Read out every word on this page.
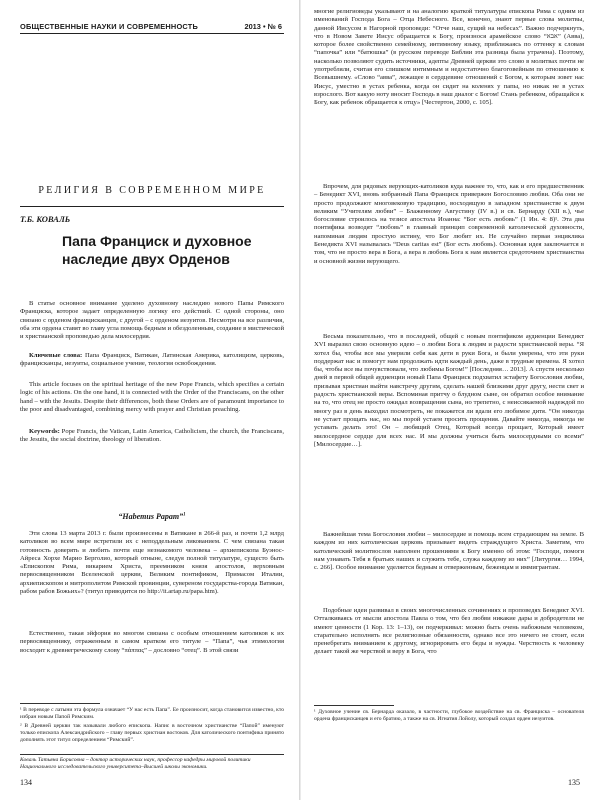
ОБЩЕСТВЕННЫЕ НАУКИ И СОВРЕМЕННОСТЬ	2013 • № 6
РЕЛИГИЯ В СОВРЕМЕННОМ МИРЕ
Т.Б. КОВАЛЬ
Папа Франциск и духовное наследие двух Орденов
В статье основное внимание уделено духовному наследию нового Папы Римского Франциска, которое задает определенную логику его действий. С одной стороны, оно связано с орденом францисканцев, с другой – с орденом иезуитов. Несмотря на все различия, оба эти ордена ставят во главу угла помощь бедным и обездоленным, создание в мистической и христианской проповедью дела милосердия.
Ключевые слова: Папа Франциск, Ватикан, Латинская Америка, католицизм, церковь, францисканцы, иезуиты, социальное учение, теология освобождения.
This article focuses on the spiritual heritage of the new Pope Francis, which specifies a certain logic of his actions. On the one hand, it is connected with the Order of the Franciscans, on the other hand – with the Jesuits. Despite their differences, both these Orders are of paramount importance to the poor and disadvantaged, combining mercy with prayer and Christian preaching.
Keywords: Pope Francis, the Vatican, Latin America, Catholicism, the church, the Franciscans, the Jesuits, the social doctrine, theology of liberation.
“Habemus Papam”$^1$
Эти слова 13 марта 2013 г. были произнесены в Ватикане в 266-й раз, и почти 1,2 млрд католиков во всем мире встретили их с неподдельным ликованием. С чем связана такая готовность доверять и любить почти еще незнакомого человека – архиепископа Буэнос-Айреса Хорхе Марио Берголио, который отныне, следуя полной титулатуре, сущесто быть «Епископом Рима, викарием Христа, преемником князя апостолов, верховным первосвященником Вселенской церкви, Великим понтификом, Примасом Италии, архиепископом и митрополитом Римской провинции, сувереном государства-города Ватикан, рабом рабов Божьих»? (титул приводится по http://it.artap.ru/papa.htm).
Естественно, такая эйфория во многом связана с особым отношением католиков к их первосвященнику, отраженным в самом кратком его титуле – “Папа”, чья этимология восходит к древнегреческому слову “πάππας” – дословно “отец”. В этой связи
¹ В переводе с латыни эта формула означает “У нас есть Папа”. Ее произносит, когда становится известно, кто избран новым Папой Римским.
² В Древней церкви так называли любого епископа. Напис в восточном христианстве “Папой” именуют только епископа Александрийского – главу первых христиан востоков. Для католического понтифика принято дополнять этот титул определением “Римский”.
Коваль Татьяна Борисовна – доктор исторических наук, профессор кафедры мировой политики Национального исследовательского университета–Высшей школы экономики.
134
многие религиоведы указывают и на аналогию краткой титулатуры епископа Рима с одним из именований Господа Бога – Отца Небесного. Все, конечно, знают первые слова молитвы, данной Иисусом в Нагорной проповеди: “Отче наш, сущий на небесах”. Важно подчеркнуть, что в Новом Завете Иисус обращается к Богу, произнося арамейское слово “אבא” (Авва), которое более свойственно семейному, интимному языку, приближаясь по оттенку к словам “папочка” или “батюшка” (в русском переводе Библии эта разница была утрачена). Поэтому, насколько позволяют судить источники, адепты Древней церкви это слово в молитвах почти не употребляли, считая его слишком интимным и недостаточно благоговейным по отношению к Всевышнему. «Слово “авва”, лежащее в сердцевине отношений с Богом, к которым зовет нас Иисус, уместно в устах ребенка, когда он сидит на коленях у папы, но никак не в устах взрослого. Вот какую ноту вносит Господь в наш диалог с Богом! Стань ребенком, обращайся к Богу, как ребенок обращается к отцу» [Честертон, 2000, с. 105].
Впрочем, для рядовых верующих-католиков куда важнее то, что, как и его предшественник – Бенедикт XVI, вновь избранный Папа Франциск привержен Богословию любви. Оба они не просто продолжают многовековую традицию, восходящую в западном христианстве к двум великим “Учителям любви” – Блаженному Августину (IV в.) и св. Бернарду (XII в.), чье богословие строилось на тезисе апостола Иоанна: “Бог есть любовь” (1 Ин. 4: 8)¹. Эта два понтифика возводят “любовь” в главный принцип современной католической духовности, напоминая людям простую истину, что Бог любит их. Не случайно первая энциклика Бенедикта XVI называлась “Deus caritas est” (Бог есть любовь). Основная идея заключается в том, что не просто вера в Бога, а вера в любовь Бога к нам является средоточием христианства и основной жизни верующего.
Весьма показательно, что в последней, общей с новым понтификом аудиенции Бенедикт XVI выразил свою основную идею – о любви Бога к людям и радости христианской веры. “Я хотел бы, чтобы все мы уверили себя как дети в руки Бога, и были уверены, что эти руки поддержат нас и помогут нам продолжать идти каждый день, даже в трудные времена. Я хотел бы, чтобы все вы почувствовали, что любимы Богом!” [Последняя… 2013]. А спустя несколько дней в первой общей аудиенции новый Папа Франциск подхватил эстафету Богословия любви, призывая христиан выйти навстречу другим, сделать нашей близкими друг другу, нести свет и радость христианской веры. Вспоминая притчу о блудном сыне, он обратил особое внимание на то, что отец не просто ожидал возвращения сына, но трепетно, с неиссякаемой надеждой по многу раз в день выходил посмотреть, не покажется ли вдали его любимое дитя. “Он никогда не устает прощать нас, но мы порой устаем просить прощения. Давайте никогда, никогда не уставать делать это! Он – любящий Отец, Который всегда прощает, Который имеет милосердное сердце для всех нас. И мы должны учиться быть милосердными со всеми” [Милосердие…].
Важнейшая тема Богословия любви – милосердие и помощь всем страдающим на земле. В каждом из них католическая церковь призывает видеть страждущего Христа. Заметим, что католический молитвослов наполнен прошениями к Богу именно об этом: “Господи, помоги нам узнавать Тебя в братьях наших и служить тебе, служа каждому из них” [Литургия… 1994, с. 266]. Особое внимание уделяется бедным и отверженным, беженцам и иммигрантам.
Подобные идеи развивал в своих многочисленных сочинениях и проповедях Бенедикт XVI. Отталкиваясь от мысли апостола Павла о том, что без любви никакие дары и добродетели не имеют ценности (1 Кор. 13: 1–13), он подчеркивал: можно быть очень набожным человеком, старательно исполнять все религиозные обязанности, однако все это ничего не стоит, если пренебрегать вниманием к другому, игнорировать его беды и нужды. Черствость к человеку делает такой же черствой и веру в Бога, что
¹ Духовное учение св. Бернарда оказало, в частности, глубокое воздействие на св. Франциска – основателя ордена францисканцев и его братию, а также на св. Игнатия Лойолу, который создал орден иезуитов.
135
